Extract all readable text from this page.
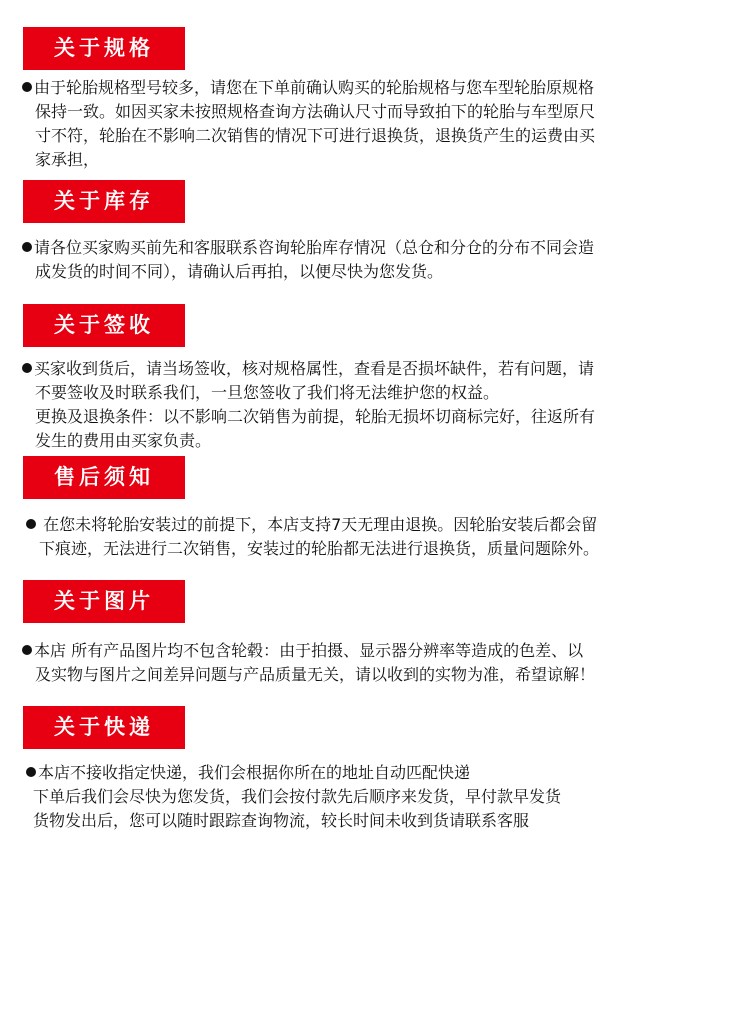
关于规格
由于轮胎规格型号较多，请您在下单前确认购买的轮胎规格与您车型轮胎原规格
保持一致。如因买家未按照规格查询方法确认尺寸而导致拍下的轮胎与车型原尺
寸不符，轮胎在不影响二次销售的情况下可进行退换货，退换货产生的运费由买
家承担，
关于库存
请各位买家购买前先和客服联系咨询轮胎库存情况（总仓和分仓的分布不同会造
成发货的时间不同），请确认后再拍，以便尽快为您发货。
关于签收
买家收到货后，请当场签收，核对规格属性，查看是否损坏缺件，若有问题，请
不要签收及时联系我们，一旦您签收了我们将无法维护您的权益。
更换及退换条件：以不影响二次销售为前提，轮胎无损坏切商标完好，往返所有
发生的费用由买家负责。
售后须知
在您未将轮胎安装过的前提下，本店支持7天无理由退换。因轮胎安装后都会留
下痕迹，无法进行二次销售，安装过的轮胎都无法进行退换货，质量问题除外。
关于图片
本店 所有产品图片均不包含轮毂：由于拍摄、显示器分辨率等造成的色差、以
及实物与图片之间差异问题与产品质量无关，请以收到的实物为准，希望谅解！
关于快递
本店不接收指定快递，我们会根据你所在的地址自动匹配快递
下单后我们会尽快为您发货，我们会按付款先后顺序来发货，早付款早发货
货物发出后，您可以随时跟踪查询物流，较长时间未收到货请联系客服
